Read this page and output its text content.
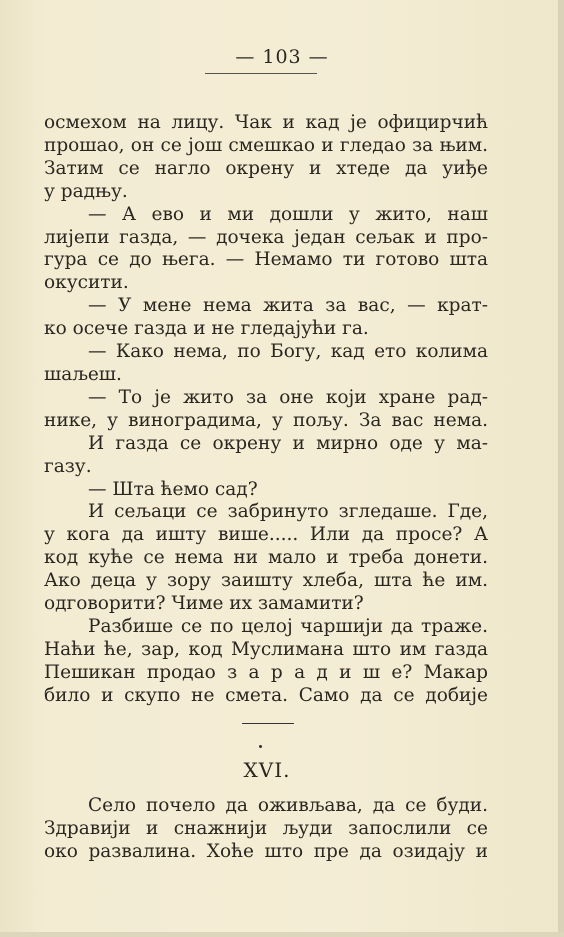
— 103 —
осмехом на лицу. Чак и кад је официрчић
прошао, он се још смешкао и гледао за њим.
Затим се нагло окрену и хтеде да уиђе
у радњу.
— А ево и ми дошли у жито, наш
лијепи газда, — дочека један сељак и про-
гура се до њега. — Немамо ти готово шта
окусити.
— У мене нема жита за вас, — крат-
ко осече газда и не гледајући га.
— Како нема, по Богу, кад ето колима
шаљеш.
— То је жито за оне који хране рад-
нике, у виноградима, у пољу. За вас нема.
И газда се окрену и мирно оде у ма-
газу.
— Шта ћемо сад?
И сељаци се забринуто згледаше. Где,
у кога да ишту више..... Или да просе? А
код куће се нема ни мало и треба донети.
Ако деца у зору заишту хлеба, шта ће им.
одговорити? Чиме их замамити?
Разбише се по целој чаршији да траже.
Наћи ће, зар, код Муслимана што им газда
Пешикан продао з а р а д и ш е? Макар
било и скупо не смета. Само да се добије
XVI.
Село почело да оживљава, да се буди.
Здравији и снажнији људи запослили се
око развалина. Хоће што пре да озидају и
